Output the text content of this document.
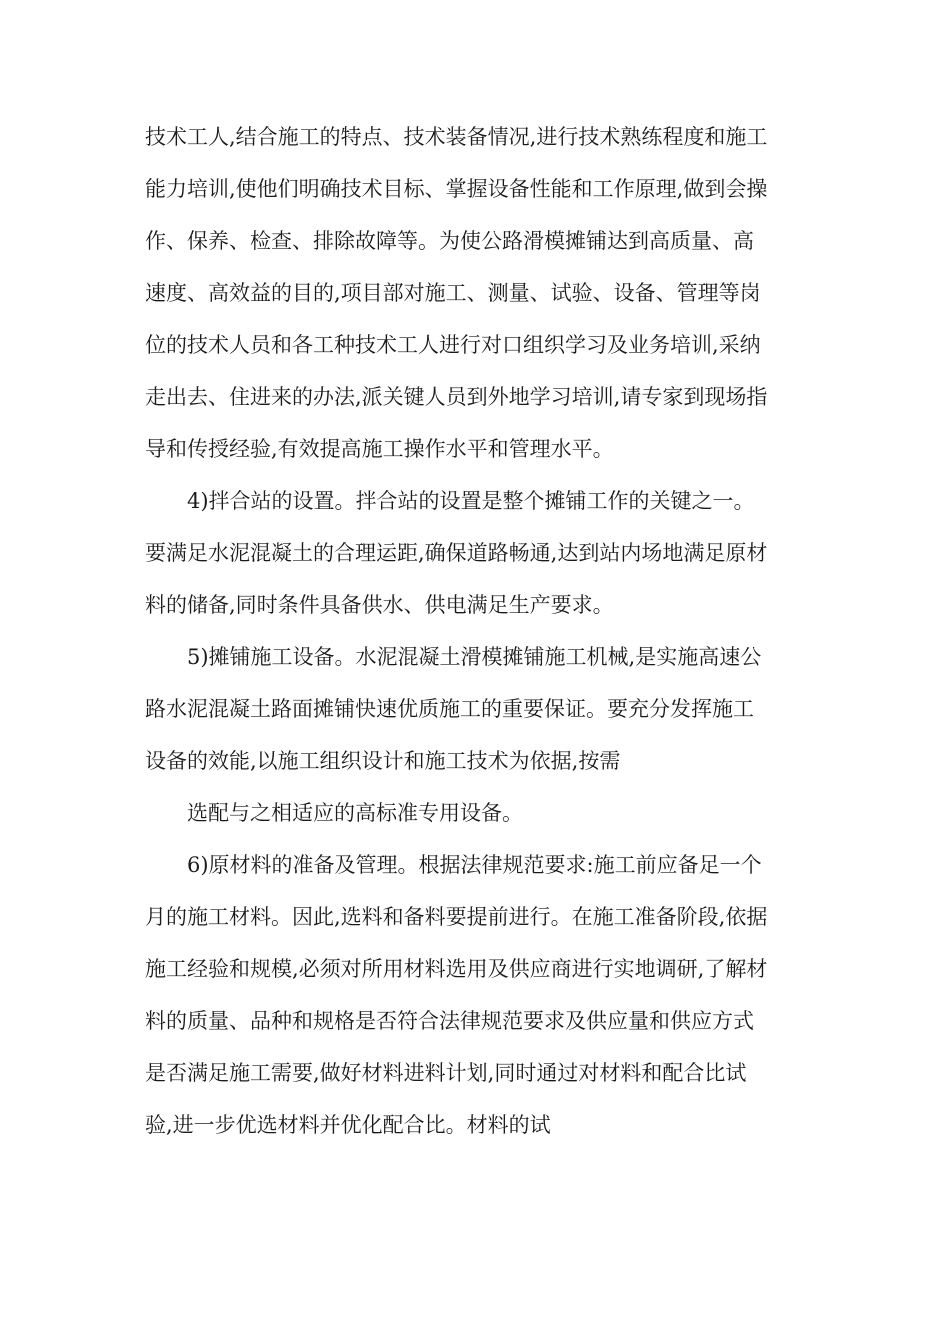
技术工人,结合施工的特点、技术装备情况,进行技术熟练程度和施工

能力培训,使他们明确技术目标、掌握设备性能和工作原理,做到会操

作、保养、检查、排除故障等。为使公路滑模摊铺达到高质量、高

速度、高效益的目的,项目部对施工、测量、试验、设备、管理等岗

位的技术人员和各工种技术工人进行对口组织学习及业务培训,采纳

走出去、住进来的办法,派关键人员到外地学习培训,请专家到现场指

导和传授经验,有效提高施工操作水平和管理水平。

4)拌合站的设置。拌合站的设置是整个摊铺工作的关键之一。

要满足水泥混凝土的合理运距,确保道路畅通,达到站内场地满足原材

料的储备,同时条件具备供水、供电满足生产要求。

5)摊铺施工设备。水泥混凝土滑模摊铺施工机械,是实施高速公

路水泥混凝土路面摊铺快速优质施工的重要保证。要充分发挥施工

设备的效能,以施工组织设计和施工技术为依据,按需

选配与之相适应的高标准专用设备。

6)原材料的准备及管理。根据法律规范要求:施工前应备足一个

月的施工材料。因此,选料和备料要提前进行。在施工准备阶段,依据

施工经验和规模,必须对所用材料选用及供应商进行实地调研,了解材

料的质量、品种和规格是否符合法律规范要求及供应量和供应方式

是否满足施工需要,做好材料进料计划,同时通过对材料和配合比试

验,进一步优选材料并优化配合比。材料的试
